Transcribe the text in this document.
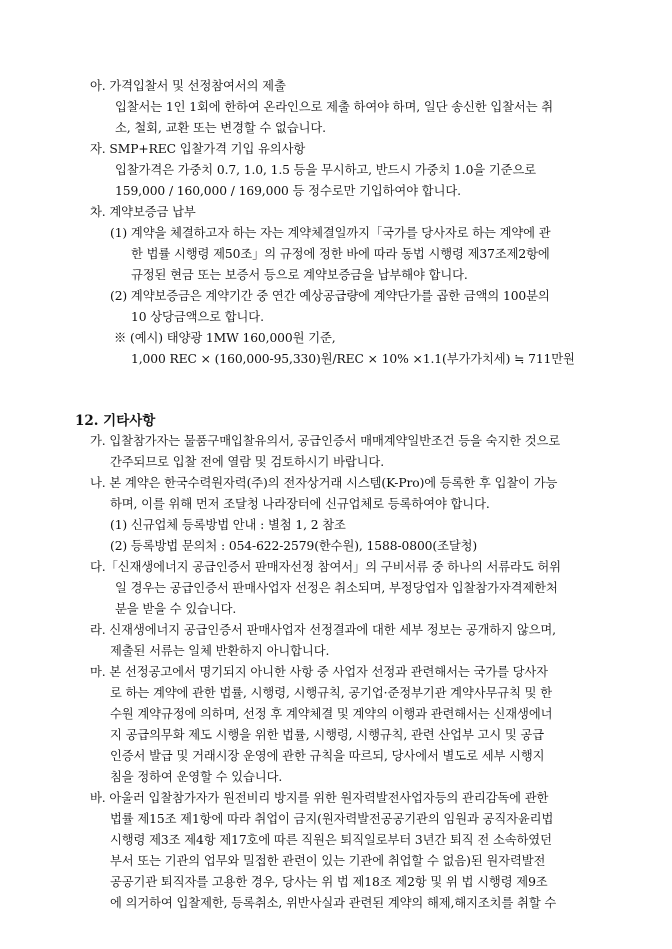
아. 가격입찰서 및 선정참여서의 제출
입찰서는 1인 1회에 한하여 온라인으로 제출 하여야 하며, 일단 송신한 입찰서는 취
소, 철회, 교환 또는 변경할 수 없습니다.
자. SMP+REC 입찰가격 기입 유의사항
입찰가격은 가중치 0.7, 1.0, 1.5 등을 무시하고, 반드시 가중치 1.0을 기준으로
159,000 / 160,000 / 169,000 등 정수로만 기입하여야 합니다.
차. 계약보증금 납부
(1) 계약을 체결하고자 하는 자는 계약체결일까지「국가를 당사자로 하는 계약에 관
한 법률 시행령 제50조」의 규정에 정한 바에 따라 동법 시행령 제37조제2항에
규정된 현금 또는 보증서 등으로 계약보증금을 납부해야 합니다.
(2) 계약보증금은 계약기간 중 연간 예상공급량에 계약단가를 곱한 금액의 100분의
10 상당금액으로 합니다.
※ (예시) 태양광 1MW 160,000원 기준,
1,000 REC × (160,000-95,330)원/REC × 10% ×1.1(부가가치세) ≒ 711만원
12. 기타사항
가. 입찰참가자는 물품구매입찰유의서, 공급인증서 매매계약일반조건 등을 숙지한 것으로
간주되므로 입찰 전에 열람 및 검토하시기 바랍니다.
나. 본 계약은 한국수력원자력(주)의 전자상거래 시스템(K-Pro)에 등록한 후 입찰이 가능
하며, 이를 위해 먼저 조달청 나라장터에 신규업체로 등록하여야 합니다.
(1) 신규업체 등록방법 안내 : 별첨 1, 2 참조
(2) 등록방법 문의처 : 054-622-2579(한수원), 1588-0800(조달청)
다.「신재생에너지 공급인증서 판매자선정 참여서」의 구비서류 중 하나의 서류라도 허위
일 경우는 공급인증서 판매사업자 선정은 취소되며, 부정당업자 입찰참가자격제한처
분을 받을 수 있습니다.
라. 신재생에너지 공급인증서 판매사업자 선정결과에 대한 세부 정보는 공개하지 않으며,
제출된 서류는 일체 반환하지 아니합니다.
마. 본 선정공고에서 명기되지 아니한 사항 중 사업자 선정과 관련해서는 국가를 당사자
로 하는 계약에 관한 법률, 시행령, 시행규칙, 공기업·준정부기관 계약사무규칙 및 한
수원 계약규정에 의하며, 선정 후 계약체결 및 계약의 이행과 관련해서는 신재생에너
지 공급의무화 제도 시행을 위한 법률, 시행령, 시행규칙, 관련 산업부 고시 및 공급
인증서 발급 및 거래시장 운영에 관한 규칙을 따르되, 당사에서 별도로 세부 시행지
침을 정하여 운영할 수 있습니다.
바. 아울러 입찰참가자가 원전비리 방지를 위한 원자력발전사업자등의 관리감독에 관한
법률 제15조 제1항에 따라 취업이 금지(원자력발전공공기관의 임원과 공직자윤리법
시행령 제3조 제4항 제17호에 따른 직원은 퇴직일로부터 3년간 퇴직 전 소속하였던
부서 또는 기관의 업무와 밀접한 관련이 있는 기관에 취업할 수 없음)된 원자력발전
공공기관 퇴직자를 고용한 경우, 당사는 위 법 제18조 제2항 및 위 법 시행령 제9조
에 의거하여 입찰제한, 등록취소, 위반사실과 관련된 계약의 해제,해지조치를 취할 수
